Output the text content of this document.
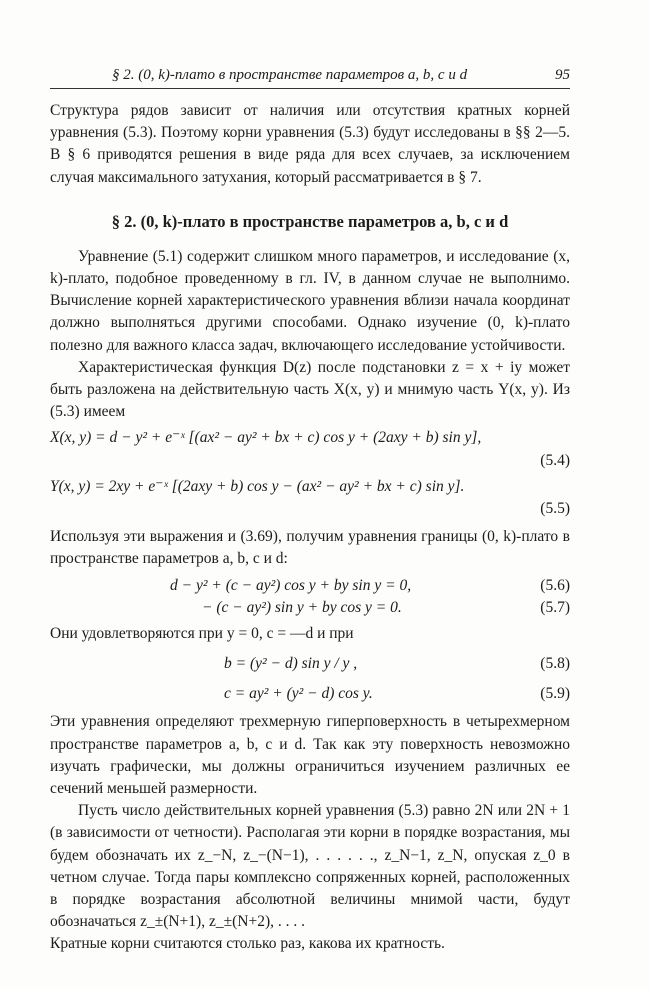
§ 2. (0, k)-плато в пространстве параметров a, b, c и d	95

Структура рядов зависит от наличия или отсутствия кратных корней уравнения (5.3). Поэтому корни уравнения (5.3) будут исследованы в §§ 2—5. В § 6 приводятся решения в виде ряда для всех случаев, за исключением случая максимального затухания, который рассматривается в § 7.

§ 2. (0, k)-плато в пространстве параметров a, b, c и d

Уравнение (5.1) содержит слишком много параметров, и исследование (x, k)-плато, подобное проведенному в гл. IV, в данном случае не выполнимо. Вычисление корней характеристического уравнения вблизи начала координат должно выполняться другими способами. Однако изучение (0, k)-плато полезно для важного класса задач, включающего исследование устойчивости.

Характеристическая функция D(z) после подстановки z = x + iy может быть разложена на действительную часть X(x, y) и мнимую часть Y(x, y). Из (5.3) имеем

X(x, y) = d − y² + e⁻ˣ [(ax² − ay² + bx + c) cos y + (2axy + b) sin y],
(5.4)
Y(x, y) = 2xy + e⁻ˣ [(2axy + b) cos y − (ax² − ay² + bx + c) sin y].
(5.5)

Используя эти выражения и (3.69), получим уравнения границы (0, k)-плато в пространстве параметров a, b, c и d:

d − y² + (c − ay²) cos y + by sin y = 0,	(5.6)
− (c − ay²) sin y + by cos y = 0.	(5.7)

Они удовлетворяются при y = 0, c = —d и при

b = (y² − d) sin y / y ,	(5.8)
c = ay² + (y² − d) cos y.	(5.9)

Эти уравнения определяют трехмерную гиперповерхность в четырехмерном пространстве параметров a, b, c и d. Так как эту поверхность невозможно изучать графически, мы должны ограничиться изучением различных ее сечений меньшей размерности.

Пусть число действительных корней уравнения (5.3) равно 2N или 2N + 1 (в зависимости от четности). Располагая эти корни в порядке возрастания, мы будем обозначать их z_−N, z_−(N−1), . . . . . ., z_N−1, z_N, опуская z_0 в четном случае. Тогда пары комплексно сопряженных корней, расположенных в порядке возрастания абсолютной величины мнимой части, будут обозначаться z_±(N+1), z_±(N+2), . . . .

Кратные корни считаются столько раз, какова их кратность.
